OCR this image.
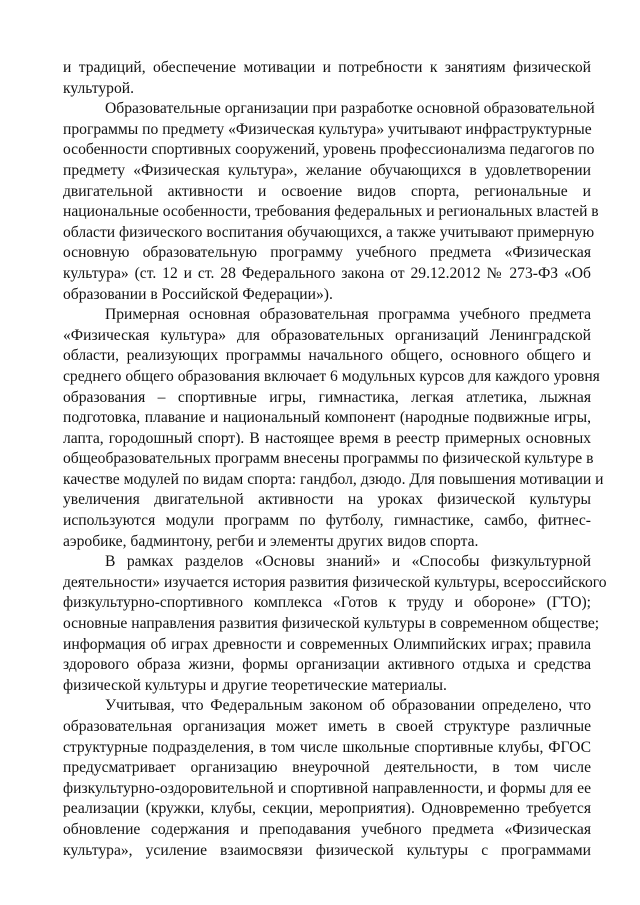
и традиций, обеспечение мотивации и потребности к занятиям физической
культурой.
Образовательные организации при разработке основной образовательной
программы по предмету «Физическая культура» учитывают инфраструктурные
особенности спортивных сооружений, уровень профессионализма педагогов по
предмету «Физическая культура», желание обучающихся в удовлетворении
двигательной активности и освоение видов спорта, региональные и
национальные особенности, требования федеральных и региональных властей в
области физического воспитания обучающихся, а также учитывают примерную
основную образовательную программу учебного предмета «Физическая
культура» (ст. 12 и ст. 28 Федерального закона от 29.12.2012 № 273-ФЗ «Об
образовании в Российской Федерации»).
Примерная основная образовательная программа учебного предмета
«Физическая культура» для образовательных организаций Ленинградской
области, реализующих программы начального общего, основного общего и
среднего общего образования включает 6 модульных курсов для каждого уровня
образования – спортивные игры, гимнастика, легкая атлетика, лыжная
подготовка, плавание и национальный компонент (народные подвижные игры,
лапта, городошный спорт). В настоящее время в реестр примерных основных
общеобразовательных программ внесены программы по физической культуре в
качестве модулей по видам спорта: гандбол, дзюдо. Для повышения мотивации и
увеличения двигательной активности на уроках физической культуры
используются модули программ по футболу, гимнастике, самбо, фитнес-
аэробике, бадминтону, регби и элементы других видов спорта.
В рамках разделов «Основы знаний» и «Способы физкультурной
деятельности» изучается история развития физической культуры, всероссийского
физкультурно-спортивного комплекса «Готов к труду и обороне» (ГТО);
основные направления развития физической культуры в современном обществе;
информация об играх древности и современных Олимпийских играх; правила
здорового образа жизни, формы организации активного отдыха и средства
физической культуры и другие теоретические материалы.
Учитывая, что Федеральным законом об образовании определено, что
образовательная организация может иметь в своей структуре различные
структурные подразделения, в том числе школьные спортивные клубы, ФГОС
предусматривает организацию внеурочной деятельности, в том числе
физкультурно-оздоровительной и спортивной направленности, и формы для ее
реализации (кружки, клубы, секции, мероприятия). Одновременно требуется
обновление содержания и преподавания учебного предмета «Физическая
культура», усиление взаимосвязи физической культуры с программами
